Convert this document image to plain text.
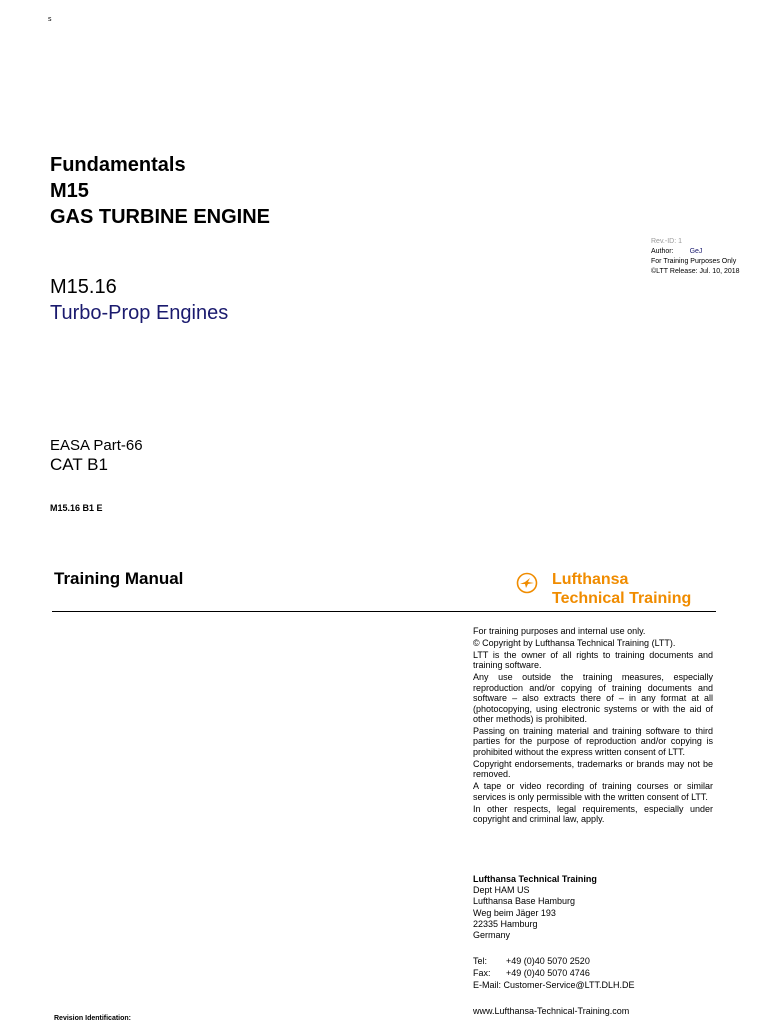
s
Fundamentals
M15
GAS TURBINE ENGINE
Rev.-ID: 1
Author: GeJ
For Training Purposes Only
©LTT Release: Jul. 10, 2018
M15.16
Turbo-Prop Engines
EASA Part-66
CAT B1
M15.16 B1 E
Training Manual	Lufthansa
Technical Training

For training purposes and internal use only.

© Copyright by Lufthansa Technical Training (LTT).

LTT is the owner of all rights to training documents and training software.

Any use outside the training measures, especially reproduction and/or copying of training documents and software – also extracts there of – in any format at all (photocopying, using electronic systems or with the aid of other methods) is prohibited.

Passing on training material and training software to third parties for the purpose of reproduction and/or copying is prohibited without the express written consent of LTT.

Copyright endorsements, trademarks or brands may not be removed.

A tape or video recording of training courses or similar services is only permissible with the written consent of LTT.

In other respects, legal requirements, especially under copyright and criminal law, apply.

Lufthansa Technical Training
Dept HAM US
Lufthansa Base Hamburg
Weg beim Jäger 193
22335 Hamburg
Germany
Tel: +49 (0)40 5070 2520
Fax: +49 (0)40 5070 4746
E-Mail: Customer-Service@LTT.DLH.DE
www.Lufthansa-Technical-Training.com
Revision Identification:
